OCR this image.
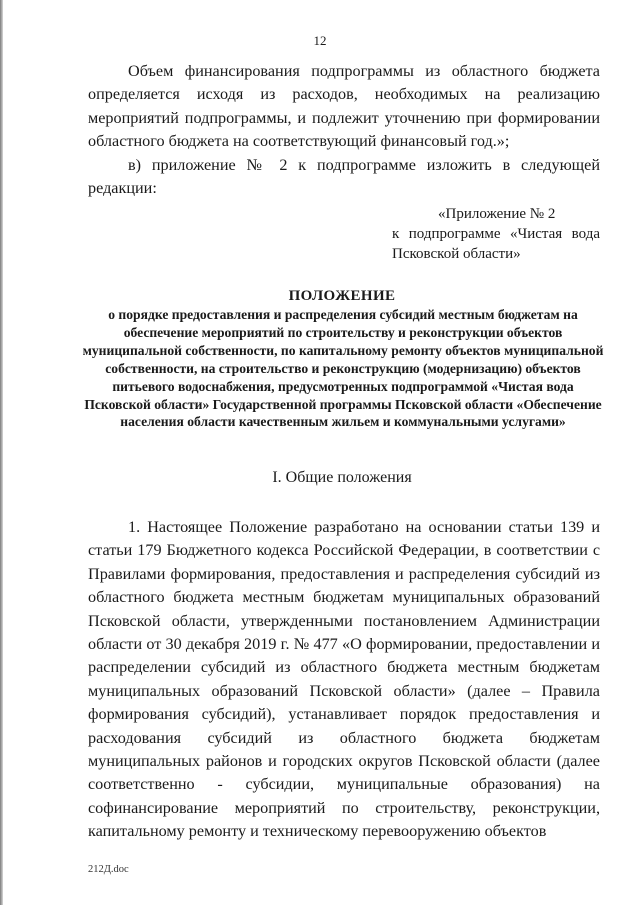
12

Объем финансирования подпрограммы из областного бюджета определяется исходя из расходов, необходимых на реализацию мероприятий подпрограммы, и подлежит уточнению при формировании областного бюджета на соответствующий финансовый год.»;

в) приложение № 2 к подпрограмме изложить в следующей редакции:

«Приложение № 2
к подпрограмме «Чистая вода
Псковской области»

ПОЛОЖЕНИЕ

о порядке предоставления и распределения субсидий местным бюджетам на обеспечение мероприятий по строительству и реконструкции объектов муниципальной собственности, по капитальному ремонту объектов муниципальной собственности, на строительство и реконструкцию (модернизацию) объектов питьевого водоснабжения, предусмотренных подпрограммой «Чистая вода Псковской области» Государственной программы Псковской области «Обеспечение населения области качественным жильем и коммунальными услугами»

I. Общие положения

1. Настоящее Положение разработано на основании статьи 139 и статьи 179 Бюджетного кодекса Российской Федерации, в соответствии с Правилами формирования, предоставления и распределения субсидий из областного бюджета местным бюджетам муниципальных образований Псковской области, утвержденными постановлением Администрации области от 30 декабря 2019 г. № 477 «О формировании, предоставлении и распределении субсидий из областного бюджета местным бюджетам муниципальных образований Псковской области» (далее – Правила формирования субсидий), устанавливает порядок предоставления и расходования субсидий из областного бюджета бюджетам муниципальных районов и городских округов Псковской области (далее соответственно - субсидии, муниципальные образования) на софинансирование мероприятий по строительству, реконструкции, капитальному ремонту и техническому перевооружению объектов

212Д.doc
